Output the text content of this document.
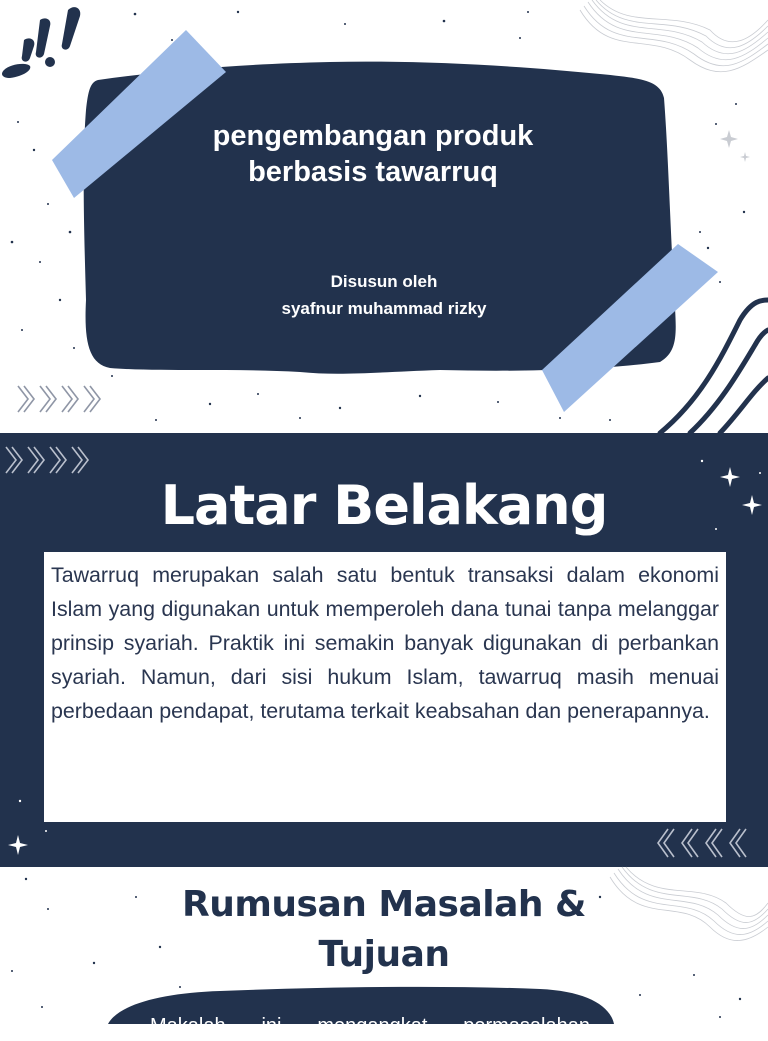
pengembangan produk
berbasis tawarruq
Disusun oleh
syafnur muhammad rizky
Latar Belakang

Tawarruq merupakan salah satu bentuk transaksi dalam ekonomi Islam yang digunakan untuk memperoleh dana tunai tanpa melanggar prinsip syariah. Praktik ini semakin banyak digunakan di perbankan syariah. Namun, dari sisi hukum Islam, tawarruq masih menuai perbedaan pendapat, terutama terkait keabsahan dan penerapannya.

Rumusan Masalah &
Tujuan

Makalah ini mengangkat permasalahan
